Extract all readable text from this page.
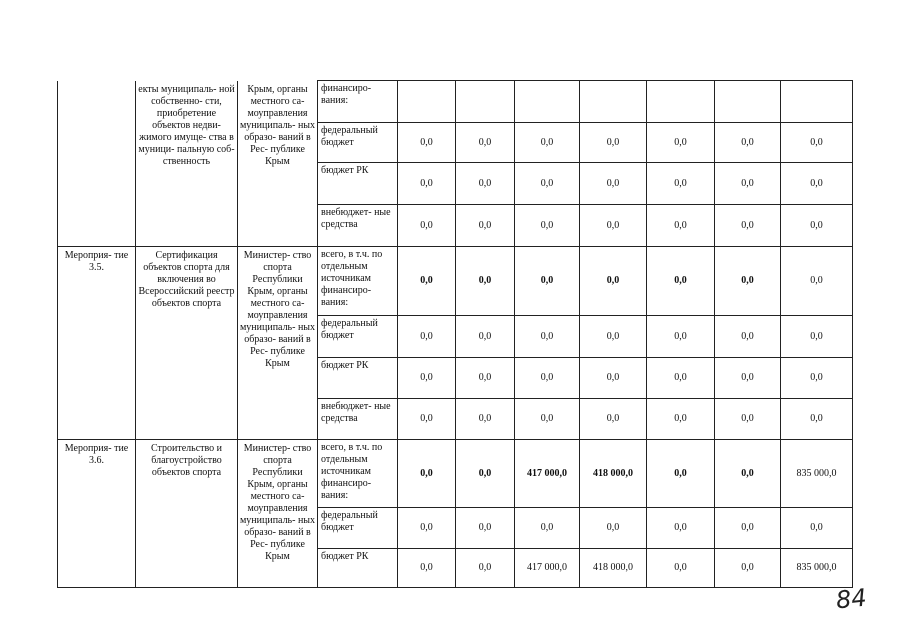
	екты муниципаль- ной собственно- сти, приобретение объектов недви- жимого имуще- ства в муници- пальную соб- ственность	Крым, органы местного са- моуправления муниципаль- ных образо- ваний в Рес- публике Крым	финансиро- вания:							
			федеральный бюджет	0,0	0,0	0,0	0,0	0,0	0,0	0,0
			бюджет РК	0,0	0,0	0,0	0,0	0,0	0,0	0,0
			внебюджет- ные средства	0,0	0,0	0,0	0,0	0,0	0,0	0,0
Мероприя- тие 3.5.	Сертификация объектов спорта для включения во Всероссийский реестр объектов спорта	Министер- ство спорта Республики Крым, органы местного са- моуправления муниципаль- ных образо- ваний в Рес- публике Крым	всего, в т.ч. по отдельным источникам финансиро- вания:	0,0	0,0	0,0	0,0	0,0	0,0	0,0
			федеральный бюджет	0,0	0,0	0,0	0,0	0,0	0,0	0,0
			бюджет РК	0,0	0,0	0,0	0,0	0,0	0,0	0,0
			внебюджет- ные средства	0,0	0,0	0,0	0,0	0,0	0,0	0,0
Мероприя- тие 3.6.	Строительство и благоустройство объектов спорта	Министер- ство спорта Республики Крым, органы местного са- моуправления муниципаль- ных образо- ваний в Рес- публике Крым	всего, в т.ч. по отдельным источникам финансиро- вания:	0,0	0,0	417 000,0	418 000,0	0,0	0,0	835 000,0
			федеральный бюджет	0,0	0,0	0,0	0,0	0,0	0,0	0,0
			бюджет РК	0,0	0,0	417 000,0	418 000,0	0,0	0,0	835 000,0
84
